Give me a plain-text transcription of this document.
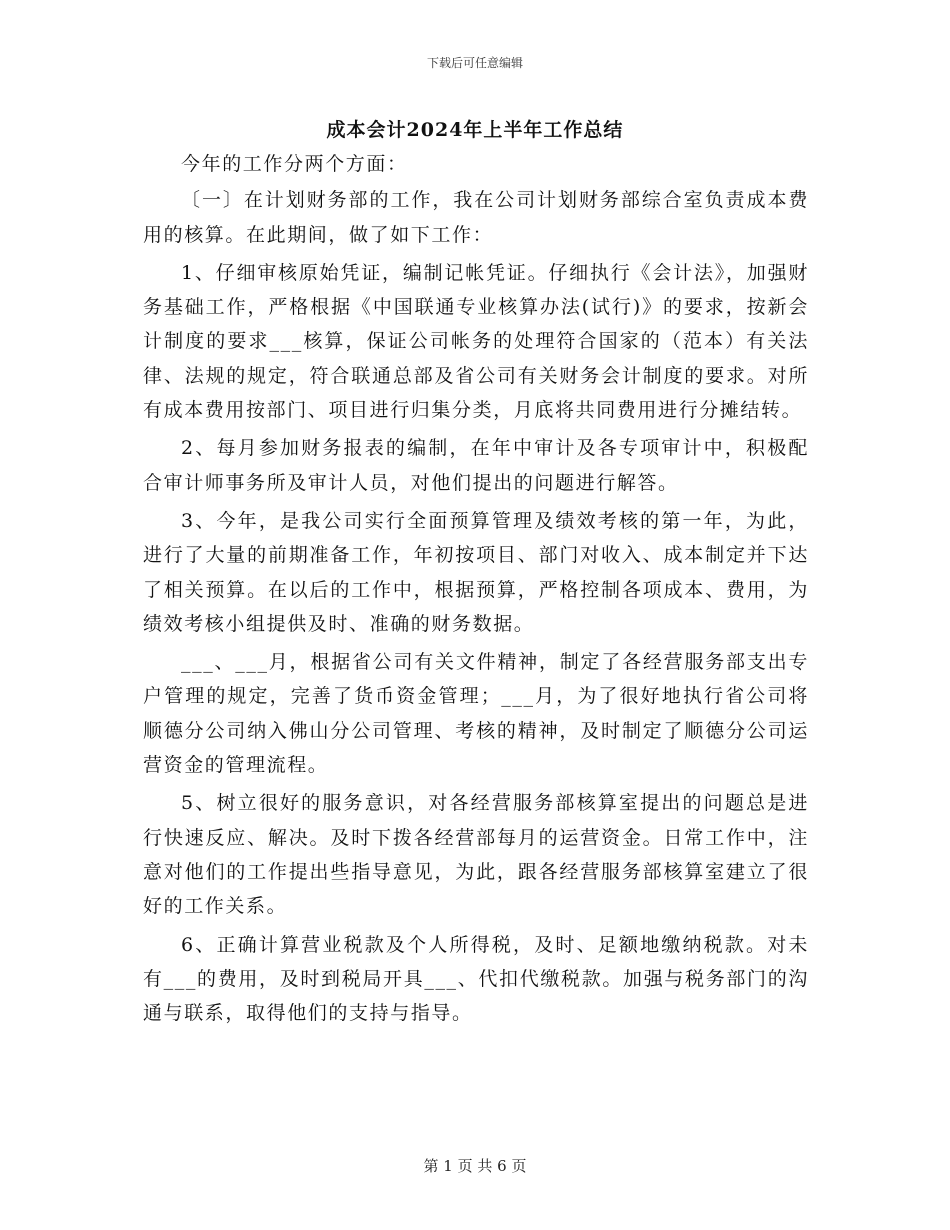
下载后可任意编辑
成本会计2024年上半年工作总结

今年的工作分两个方面：

〔一〕在计划财务部的工作，我在公司计划财务部综合室负责成本费用的核算。在此期间，做了如下工作：

1、仔细审核原始凭证，编制记帐凭证。仔细执行《会计法》，加强财务基础工作，严格根据《中国联通专业核算办法(试行)》的要求，按新会计制度的要求___核算，保证公司帐务的处理符合国家的（范本）有关法律、法规的规定，符合联通总部及省公司有关财务会计制度的要求。对所有成本费用按部门、项目进行归集分类，月底将共同费用进行分摊结转。

2、每月参加财务报表的编制，在年中审计及各专项审计中，积极配合审计师事务所及审计人员，对他们提出的问题进行解答。

3、今年，是我公司实行全面预算管理及绩效考核的第一年，为此，进行了大量的前期准备工作，年初按项目、部门对收入、成本制定并下达了相关预算。在以后的工作中，根据预算，严格控制各项成本、费用，为绩效考核小组提供及时、准确的财务数据。

___、___月，根据省公司有关文件精神，制定了各经营服务部支出专户管理的规定，完善了货币资金管理；___月，为了很好地执行省公司将顺德分公司纳入佛山分公司管理、考核的精神，及时制定了顺德分公司运营资金的管理流程。

5、树立很好的服务意识，对各经营服务部核算室提出的问题总是进行快速反应、解决。及时下拨各经营部每月的运营资金。日常工作中，注意对他们的工作提出些指导意见，为此，跟各经营服务部核算室建立了很好的工作关系。

6、正确计算营业税款及个人所得税，及时、足额地缴纳税款。对未有___的费用，及时到税局开具___、代扣代缴税款。加强与税务部门的沟通与联系，取得他们的支持与指导。

第 1 页 共 6 页
